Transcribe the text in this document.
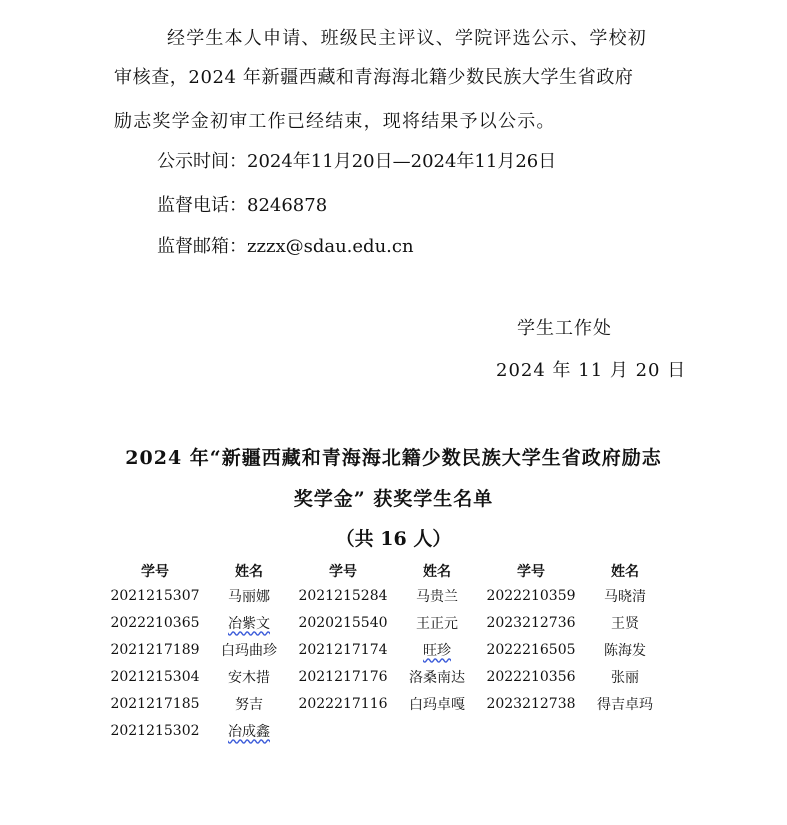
经学生本人申请、班级民主评议、学院评选公示、学校初
审核查，2024 年新疆西藏和青海海北籍少数民族大学生省政府
励志奖学金初审工作已经结束，现将结果予以公示。
公示时间：2024年11月20日—2024年11月26日
监督电话：8246878
监督邮箱：zzzx@sdau.edu.cn
学生工作处
2024 年 11 月 20 日
2024 年“新疆西藏和青海海北籍少数民族大学生省政府励志
奖学金” 获奖学生名单
（共 16 人）
学号	姓名	学号	姓名	学号	姓名
2021215307	马丽娜	2021215284	马贵兰	2022210359	马晓清
2022210365	冶紫文	2020215540	王正元	2023212736	王贤
2021217189	白玛曲珍	2021217174	旺珍	2022216505	陈海发
2021215304	安木措	2021217176	洛桑南达	2022210356	张丽
2021217185	努吉	2022217116	白玛卓嘎	2023212738	得吉卓玛
2021215302	冶成鑫				
